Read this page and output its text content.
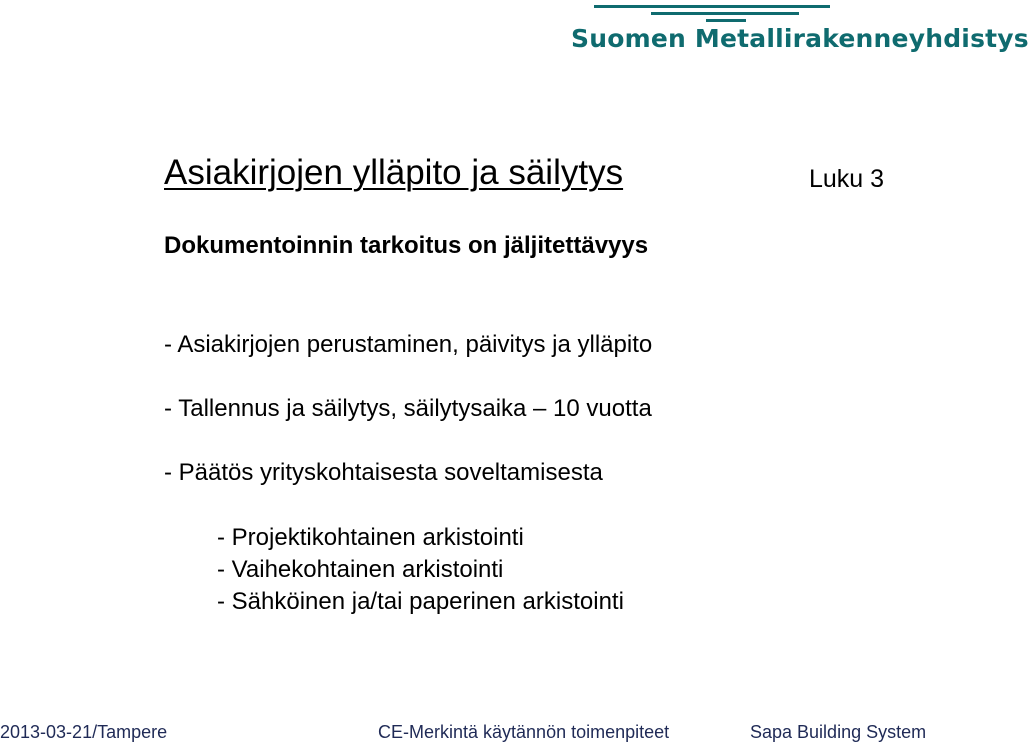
Suomen Metallirakenneyhdistys
Asiakirjojen ylläpito ja säilytys	Luku 3
Dokumentoinnin tarkoitus on jäljitettävyys
- Asiakirjojen perustaminen, päivitys ja ylläpito
- Tallennus ja säilytys, säilytysaika – 10 vuotta
- Päätös yrityskohtaisesta soveltamisesta
- Projektikohtainen arkistointi
- Vaihekohtainen arkistointi
- Sähköinen ja/tai paperinen arkistointi
2013-03-21/Tampere	CE-Merkintä käytännön toimenpiteet	Sapa Building System
